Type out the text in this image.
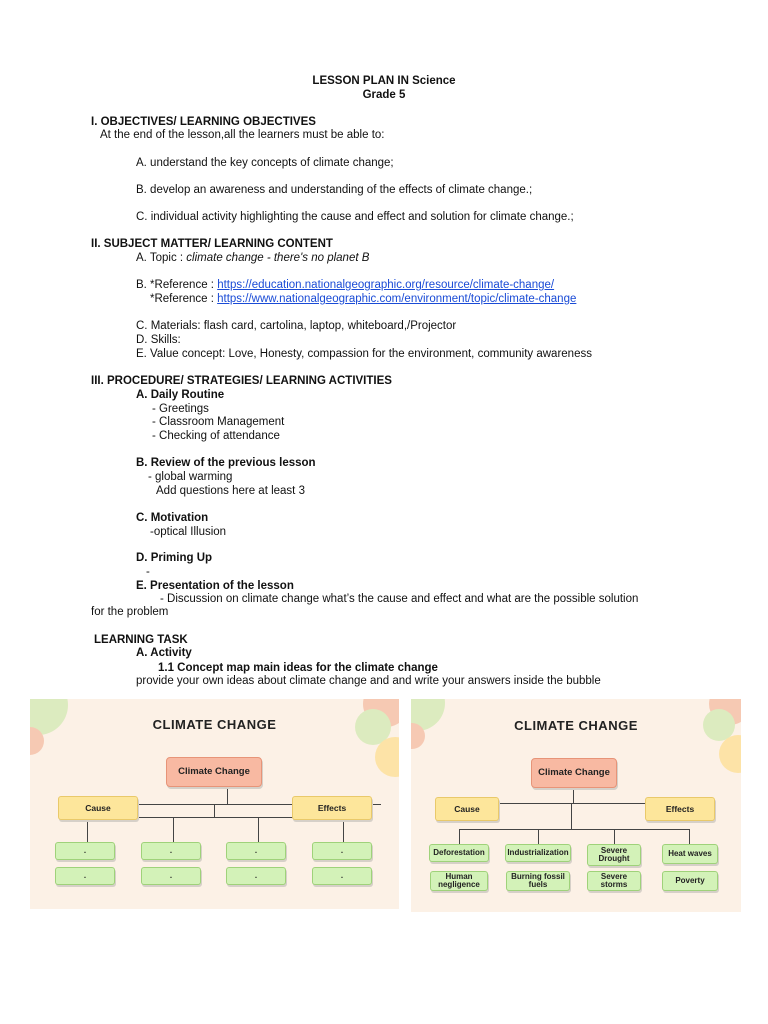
LESSON PLAN IN Science
Grade 5
I. OBJECTIVES/ LEARNING OBJECTIVES
At the end of the lesson,all the learners must be able to:
A. understand the key concepts of climate change;
B. develop an awareness and understanding of the effects of climate change.;
C. individual activity highlighting the cause and effect and solution for climate change.;
II. SUBJECT MATTER/ LEARNING CONTENT
A. Topic : climate change - there's no planet B
B. *Reference : https://education.nationalgeographic.org/resource/climate-change/
*Reference : https://www.nationalgeographic.com/environment/topic/climate-change
C. Materials: flash card, cartolina, laptop, whiteboard,/Projector
D. Skills:
E. Value concept: Love, Honesty, compassion for the environment, community awareness
III. PROCEDURE/ STRATEGIES/ LEARNING ACTIVITIES
A. Daily Routine
- Greetings
- Classroom Management
- Checking of attendance
B. Review of the previous lesson
- global warming
Add questions here at least 3
C. Motivation
-optical Illusion
D. Priming Up
-
E. Presentation of the lesson
- Discussion on climate change what’s the cause and effect and what are the possible solution
for the problem
LEARNING TASK
A. Activity
1.1 Concept map main ideas for the climate change
provide your own ideas about climate change and and write your answers inside the bubble
CLIMATE CHANGE
Climate Change
Cause	Effects
.	.	.	.
.	.	.	.
CLIMATE CHANGE
Climate Change
Cause	Effects
Deforestation	Industrialization	Severe Drought
Heat waves
Human negligence
Burning fossil fuels
Severe storms	Poverty
